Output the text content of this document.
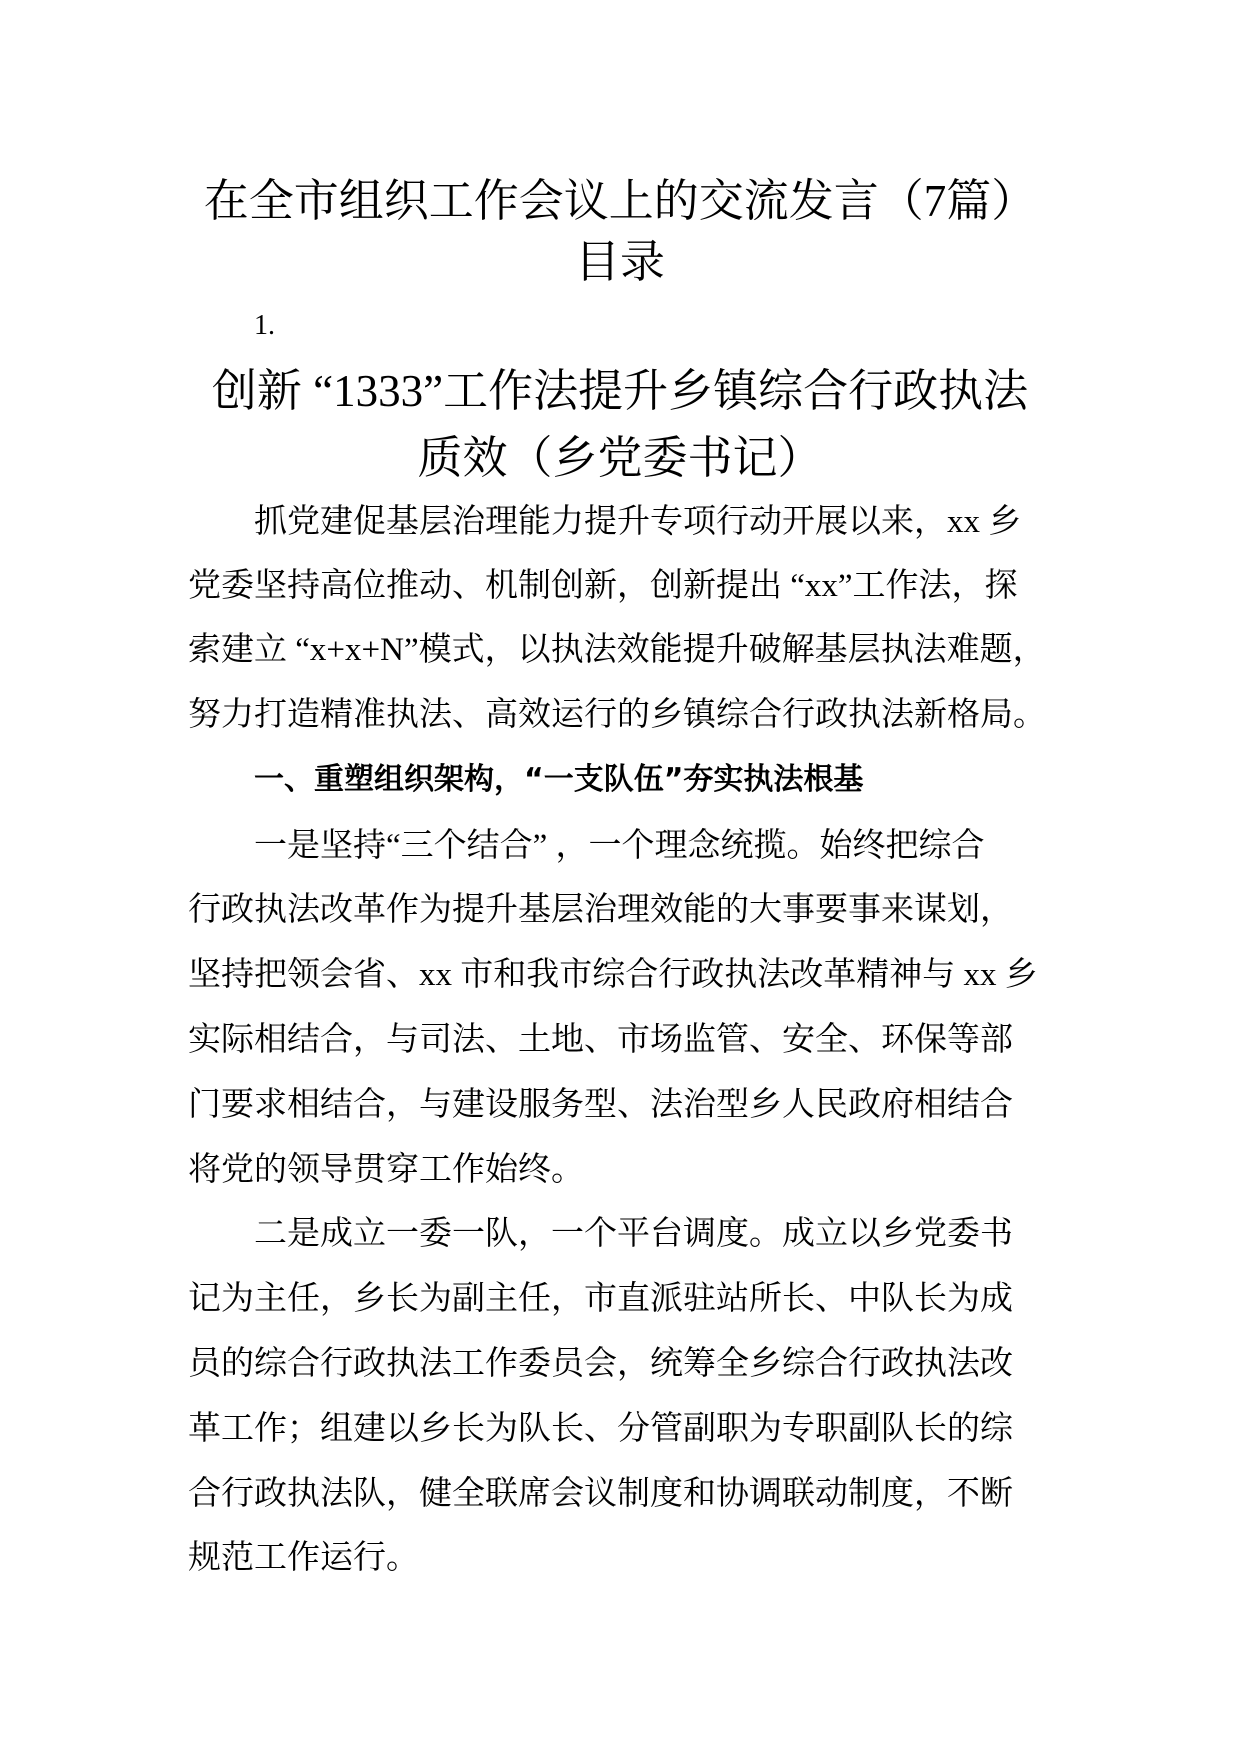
在全市组织工作会议上的交流发言（7篇）
目录
1.
创新 “1333”工作法提升乡镇综合行政执法
质效（乡党委书记）
抓党建促基层治理能力提升专项行动开展以来，xx 乡
党委坚持高位推动、机制创新，创新提出 “xx”工作法，探
索建立 “x+x+N”模式，以执法效能提升破解基层执法难题，
努力打造精准执法、高效运行的乡镇综合行政执法新格局。
一、重塑组织架构，“一支队伍”夯实执法根基
一是坚持“三个结合” ，一个理念统揽。始终把综合
行政执法改革作为提升基层治理效能的大事要事来谋划，
坚持把领会省、xx 市和我市综合行政执法改革精神与 xx 乡
实际相结合，与司法、土地、市场监管、安全、环保等部
门要求相结合，与建设服务型、法治型乡人民政府相结合
将党的领导贯穿工作始终。
二是成立一委一队，一个平台调度。成立以乡党委书
记为主任，乡长为副主任，市直派驻站所长、中队长为成
员的综合行政执法工作委员会，统筹全乡综合行政执法改
革工作；组建以乡长为队长、分管副职为专职副队长的综
合行政执法队，健全联席会议制度和协调联动制度，不断
规范工作运行。
